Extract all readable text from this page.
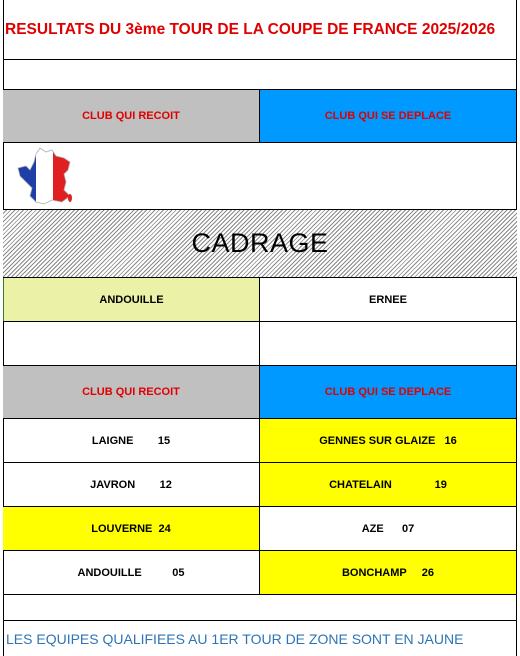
RESULTATS DU 3ème TOUR DE LA COUPE DE FRANCE 2025/2026
CLUB QUI RECOIT	CLUB QUI SE DEPLACE
CADRAGE
ANDOUILLE	ERNEE
CLUB QUI RECOIT	CLUB QUI SE DEPLACE
LAIGNE        15	GENNES SUR GLAIZE   16
JAVRON        12	CHATELAIN              19
LOUVERNE  24	AZE      07
ANDOUILLE          05	BONCHAMP     26
LES EQUIPES QUALIFIEES AU 1ER TOUR DE ZONE SONT EN JAUNE
